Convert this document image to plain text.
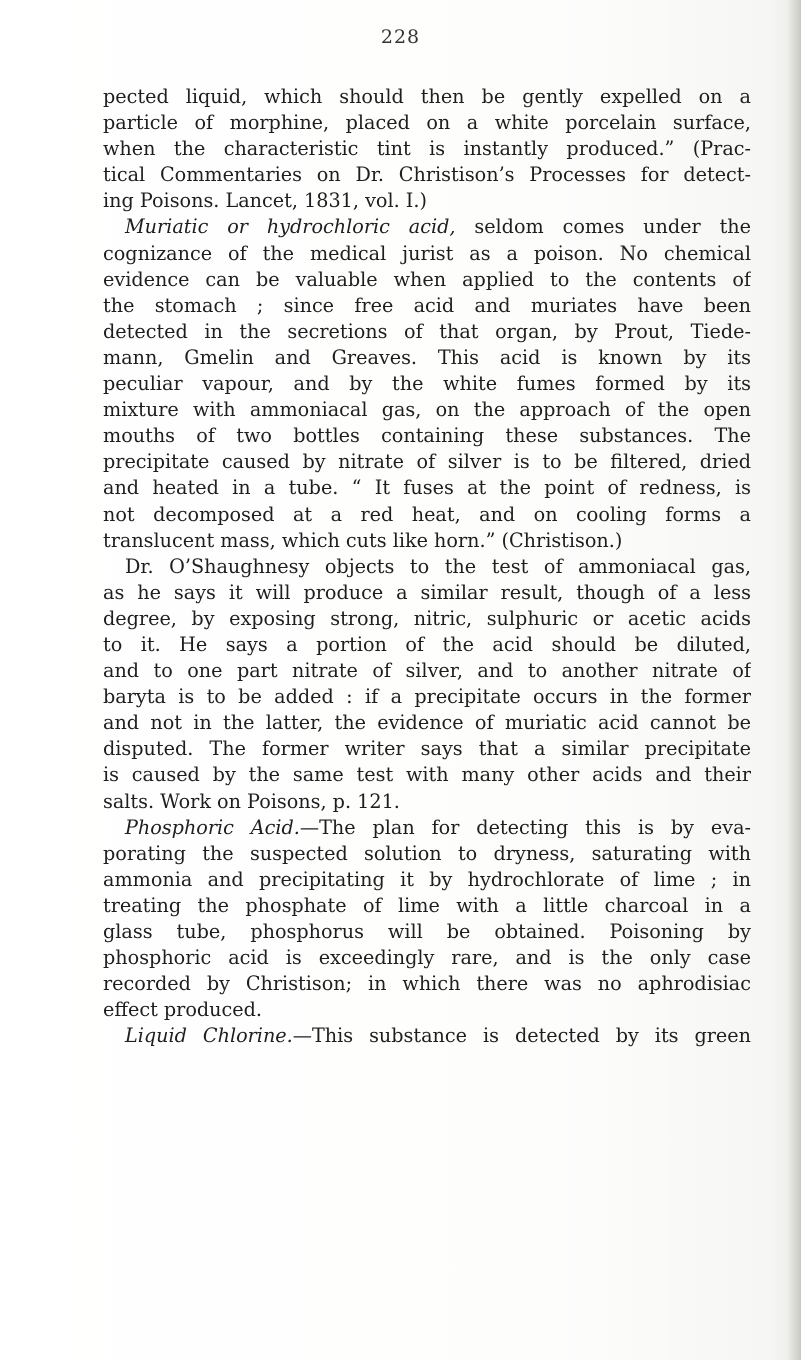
228
pected liquid, which should then be gently expelled on a
particle of morphine, placed on a white porcelain surface,
when the characteristic tint is instantly produced.” (Prac-
tical Commentaries on Dr. Christison’s Processes for detect-
ing Poisons. Lancet, 1831, vol. I.)
Muriatic or hydrochloric acid, seldom comes under the
cognizance of the medical jurist as a poison. No chemical
evidence can be valuable when applied to the contents of
the stomach ; since free acid and muriates have been
detected in the secretions of that organ, by Prout, Tiede-
mann, Gmelin and Greaves. This acid is known by its
peculiar vapour, and by the white fumes formed by its
mixture with ammoniacal gas, on the approach of the open
mouths of two bottles containing these substances. The
precipitate caused by nitrate of silver is to be filtered, dried
and heated in a tube. “ It fuses at the point of redness, is
not decomposed at a red heat, and on cooling forms a
translucent mass, which cuts like horn.” (Christison.)
Dr. O’Shaughnesy objects to the test of ammoniacal gas,
as he says it will produce a similar result, though of a less
degree, by exposing strong, nitric, sulphuric or acetic acids
to it. He says a portion of the acid should be diluted,
and to one part nitrate of silver, and to another nitrate of
baryta is to be added : if a precipitate occurs in the former
and not in the latter, the evidence of muriatic acid cannot be
disputed. The former writer says that a similar precipitate
is caused by the same test with many other acids and their
salts. Work on Poisons, p. 121.
Phosphoric Acid.—The plan for detecting this is by eva-
porating the suspected solution to dryness, saturating with
ammonia and precipitating it by hydrochlorate of lime ; in
treating the phosphate of lime with a little charcoal in a
glass tube, phosphorus will be obtained. Poisoning by
phosphoric acid is exceedingly rare, and is the only case
recorded by Christison; in which there was no aphrodisiac
effect produced.
Liquid Chlorine.—This substance is detected by its green
